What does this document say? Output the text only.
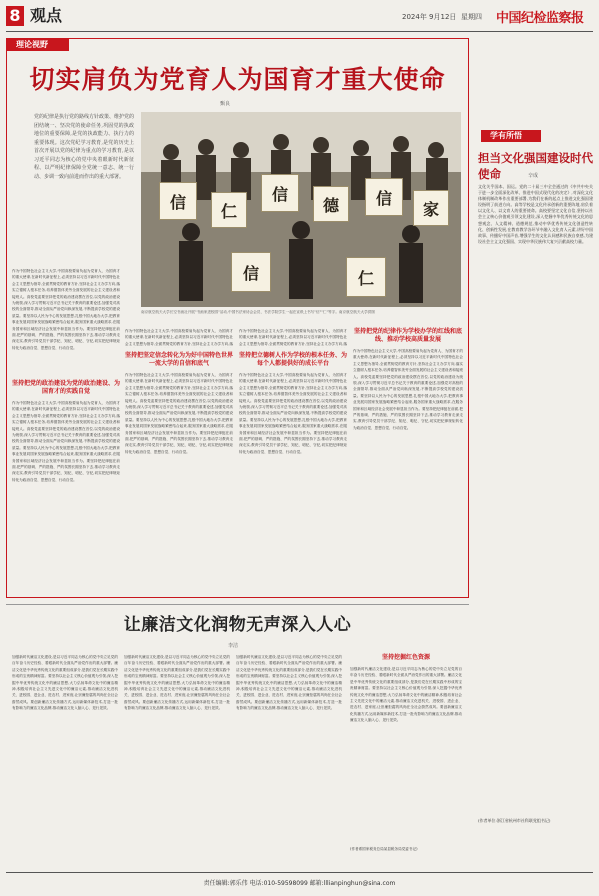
8 观点	2024年 9月12日 星期四 中国纪检监察报
理论视野
切实肩负为党育人为国育才重大使命
甄良
党的纪律是执行党的路线方针政策、维护党的团结统一、坚决党的使命任务,巩固党的执政地位的重要保障,是党的执政能力、执行力的重要体现。这次党纪学习教育,是党的历史上首次开展以党的纪律为重点的学习教育,是以习近平同志为核心的党中央着眼新时代新征程、以严明纪律保障全党统一意志、统一行动、步调一致向前进而作出的重大部署。
信	仁
信
德	信
家
信	仁
南京航空航天大学长空书画社开展"书画家进校园"活动,中国书法家协会会员、书法学院学生一起在宣纸上书写"信""仁"等字。南京航空航天大学供图
作为中国特色社会主义大学,中国高校要肩负起为党育人、为国育才的重大使命,在新时代新征程上,必须坚持以习近平新时代中国特色社会主义思想为指导,全面贯彻党的教育方针,坚持社会主义办学方向,落实立德树人根本任务,培养德智体美劳全面发展的社会主义建设者和接班人。高校党委要坚持把党的政治建设摆在首位,以党的政治建设为统领,深入学习贯彻习近平总书记关于教育的重要论述,加强党对高校的全面领导,推动全面从严治党向纵深发展,不断提高学校党的建设质量。要坚持以人民为中心的发展思想,扎根中国大地办大学,把教育事业发展同国家发展战略紧密结合起来,服务国家重大战略需求,在服务国家和区域经济社会发展中彰显担当作为。要坚持把纪律挺在前面,把严的基调、严的措施、严的氛围长期坚持下去,推动学习教育走深走实,教育引导党员干部学纪、知纪、明纪、守纪,切实把纪律规矩转化为政治自觉、思想自觉、行动自觉。
坚持把党的政治建设为党的政治建设、为国育才的实践自觉
作为中国特色社会主义大学,中国高校要肩负起为党育人、为国育才的重大使命,在新时代新征程上,必须坚持以习近平新时代中国特色社会主义思想为指导,全面贯彻党的教育方针,坚持社会主义办学方向,落实立德树人根本任务,培养德智体美劳全面发展的社会主义建设者和接班人。高校党委要坚持把党的政治建设摆在首位,以党的政治建设为统领,深入学习贯彻习近平总书记关于教育的重要论述,加强党对高校的全面领导,推动全面从严治党向纵深发展,不断提高学校党的建设质量。要坚持以人民为中心的发展思想,扎根中国大地办大学,把教育事业发展同国家发展战略紧密结合起来,服务国家重大战略需求,在服务国家和区域经济社会发展中彰显担当作为。要坚持把纪律挺在前面,把严的基调、严的措施、严的氛围长期坚持下去,推动学习教育走深走实,教育引导党员干部学纪、知纪、明纪、守纪,切实把纪律规矩转化为政治自觉、思想自觉、行动自觉。
作为中国特色社会主义大学,中国高校要肩负起为党育人、为国育才的重大使命,在新时代新征程上,必须坚持以习近平新时代中国特色社会主义思想为指导,全面贯彻党的教育方针,坚持社会主义办学方向,落
坚持把坚定信念转化为为好中国特色世界一流大学的自信和底气
作为中国特色社会主义大学,中国高校要肩负起为党育人、为国育才的重大使命,在新时代新征程上,必须坚持以习近平新时代中国特色社会主义思想为指导,全面贯彻党的教育方针,坚持社会主义办学方向,落实立德树人根本任务,培养德智体美劳全面发展的社会主义建设者和接班人。高校党委要坚持把党的政治建设摆在首位,以党的政治建设为统领,深入学习贯彻习近平总书记关于教育的重要论述,加强党对高校的全面领导,推动全面从严治党向纵深发展,不断提高学校党的建设质量。要坚持以人民为中心的发展思想,扎根中国大地办大学,把教育事业发展同国家发展战略紧密结合起来,服务国家重大战略需求,在服务国家和区域经济社会发展中彰显担当作为。要坚持把纪律挺在前面,把严的基调、严的措施、严的氛围长期坚持下去,推动学习教育走深走实,教育引导党员干部学纪、知纪、明纪、守纪,切实把纪律规矩转化为政治自觉、思想自觉、行动自觉。
作为中国特色社会主义大学,中国高校要肩负起为党育人、为国育才的重大使命,在新时代新征程上,必须坚持以习近平新时代中国特色社会主义思想为指导,全面贯彻党的教育方针,坚持社会主义办学方向,落
坚持把立德树人作为学校的根本任务、为每个人都提供好的成长平台
作为中国特色社会主义大学,中国高校要肩负起为党育人、为国育才的重大使命,在新时代新征程上,必须坚持以习近平新时代中国特色社会主义思想为指导,全面贯彻党的教育方针,坚持社会主义办学方向,落实立德树人根本任务,培养德智体美劳全面发展的社会主义建设者和接班人。高校党委要坚持把党的政治建设摆在首位,以党的政治建设为统领,深入学习贯彻习近平总书记关于教育的重要论述,加强党对高校的全面领导,推动全面从严治党向纵深发展,不断提高学校党的建设质量。要坚持以人民为中心的发展思想,扎根中国大地办大学,把教育事业发展同国家发展战略紧密结合起来,服务国家重大战略需求,在服务国家和区域经济社会发展中彰显担当作为。要坚持把纪律挺在前面,把严的基调、严的措施、严的氛围长期坚持下去,推动学习教育走深走实,教育引导党员干部学纪、知纪、明纪、守纪,切实把纪律规矩转化为政治自觉、思想自觉、行动自觉。
坚持把党的纪律作为学校办学的红线和底线、推动学校高质量发展
作为中国特色社会主义大学,中国高校要肩负起为党育人、为国育才的重大使命,在新时代新征程上,必须坚持以习近平新时代中国特色社会主义思想为指导,全面贯彻党的教育方针,坚持社会主义办学方向,落实立德树人根本任务,培养德智体美劳全面发展的社会主义建设者和接班人。高校党委要坚持把党的政治建设摆在首位,以党的政治建设为统领,深入学习贯彻习近平总书记关于教育的重要论述,加强党对高校的全面领导,推动全面从严治党向纵深发展,不断提高学校党的建设质量。要坚持以人民为中心的发展思想,扎根中国大地办大学,把教育事业发展同国家发展战略紧密结合起来,服务国家重大战略需求,在服务国家和区域经济社会发展中彰显担当作为。要坚持把纪律挺在前面,把严的基调、严的措施、严的氛围长期坚持下去,推动学习教育走深走实,教育引导党员干部学纪、知纪、明纪、守纪,切实把纪律规矩转化为政治自觉、思想自觉、行动自觉。
学有所悟
担当文化强国建设时代使命	辛成
文化关乎国本、国运。党的二十届三中全会通过的《中共中央关于进一步全面深化改革、推进中国式现代化的决定》,对深化文化体制机制改革作出重要部署,为我们在新的起点上推进文化强国建设指明了前进方向。高等学校是文化传承创新的重要阵地,肩负着以文化人、以文育人的重要使命。高校要坚定文化自信,坚持以社会主义核心价值观引领文化建设,深入挖掘中华优秀传统文化的思想观念、人文精神、道德规范,推动中华优秀传统文化创造性转化、创新性发展,在教育教学各环节中融入文化育人元素,讲好中国故事、传播好中国声音,增强学生的文化认同感和民族自豪感,为建设社会主义文化强国、实现中华民族伟大复兴贡献高校力量。
(作者单位:浙江省杭州市社科联党组书记)
让廉洁文化润物无声深入人心
李洁
加强新时代廉洁文化建设,是以习近平同志为核心的党中央立足党的百年奋斗历史经验、着眼新时代全面从严治党作出的重大部署。廉洁文化是中华优秀传统文化的重要组成部分,是我们党在长期实践中形成的宝贵精神财富。要坚持以社会主义核心价值观为引领,深入挖掘中华优秀传统文化中的廉洁思想,大力弘扬革命文化中的廉洁精神,积极培育社会主义先进文化中的廉洁元素,推动廉洁文化进机关、进校园、进企业、进农村、进家庭,让崇廉拒腐的风尚在全社会蔚然成风。要创新廉洁文化传播方式,运用新媒体新技术,打造一批有影响力的廉洁文化品牌,推动廉洁文化入脑入心、见行见效。
加强新时代廉洁文化建设,是以习近平同志为核心的党中央立足党的百年奋斗历史经验、着眼新时代全面从严治党作出的重大部署。廉洁文化是中华优秀传统文化的重要组成部分,是我们党在长期实践中形成的宝贵精神财富。要坚持以社会主义核心价值观为引领,深入挖掘中华优秀传统文化中的廉洁思想,大力弘扬革命文化中的廉洁精神,积极培育社会主义先进文化中的廉洁元素,推动廉洁文化进机关、进校园、进企业、进农村、进家庭,让崇廉拒腐的风尚在全社会蔚然成风。要创新廉洁文化传播方式,运用新媒体新技术,打造一批有影响力的廉洁文化品牌,推动廉洁文化入脑入心、见行见效。
加强新时代廉洁文化建设,是以习近平同志为核心的党中央立足党的百年奋斗历史经验、着眼新时代全面从严治党作出的重大部署。廉洁文化是中华优秀传统文化的重要组成部分,是我们党在长期实践中形成的宝贵精神财富。要坚持以社会主义核心价值观为引领,深入挖掘中华优秀传统文化中的廉洁思想,大力弘扬革命文化中的廉洁精神,积极培育社会主义先进文化中的廉洁元素,推动廉洁文化进机关、进校园、进企业、进农村、进家庭,让崇廉拒腐的风尚在全社会蔚然成风。要创新廉洁文化传播方式,运用新媒体新技术,打造一批有影响力的廉洁文化品牌,推动廉洁文化入脑入心、见行见效。
坚持挖掘红色资源
加强新时代廉洁文化建设,是以习近平同志为核心的党中央立足党的百年奋斗历史经验、着眼新时代全面从严治党作出的重大部署。廉洁文化是中华优秀传统文化的重要组成部分,是我们党在长期实践中形成的宝贵精神财富。要坚持以社会主义核心价值观为引领,深入挖掘中华优秀传统文化中的廉洁思想,大力弘扬革命文化中的廉洁精神,积极培育社会主义先进文化中的廉洁元素,推动廉洁文化进机关、进校园、进企业、进农村、进家庭,让崇廉拒腐的风尚在全社会蔚然成风。要创新廉洁文化传播方式,运用新媒体新技术,打造一批有影响力的廉洁文化品牌,推动廉洁文化入脑入心、见行见效。
(作者系国家税务总局某县税务局党委书记)
责任编辑:郭乐伟 电话:010-59598099 邮箱:lllianpinghun@sina.com
